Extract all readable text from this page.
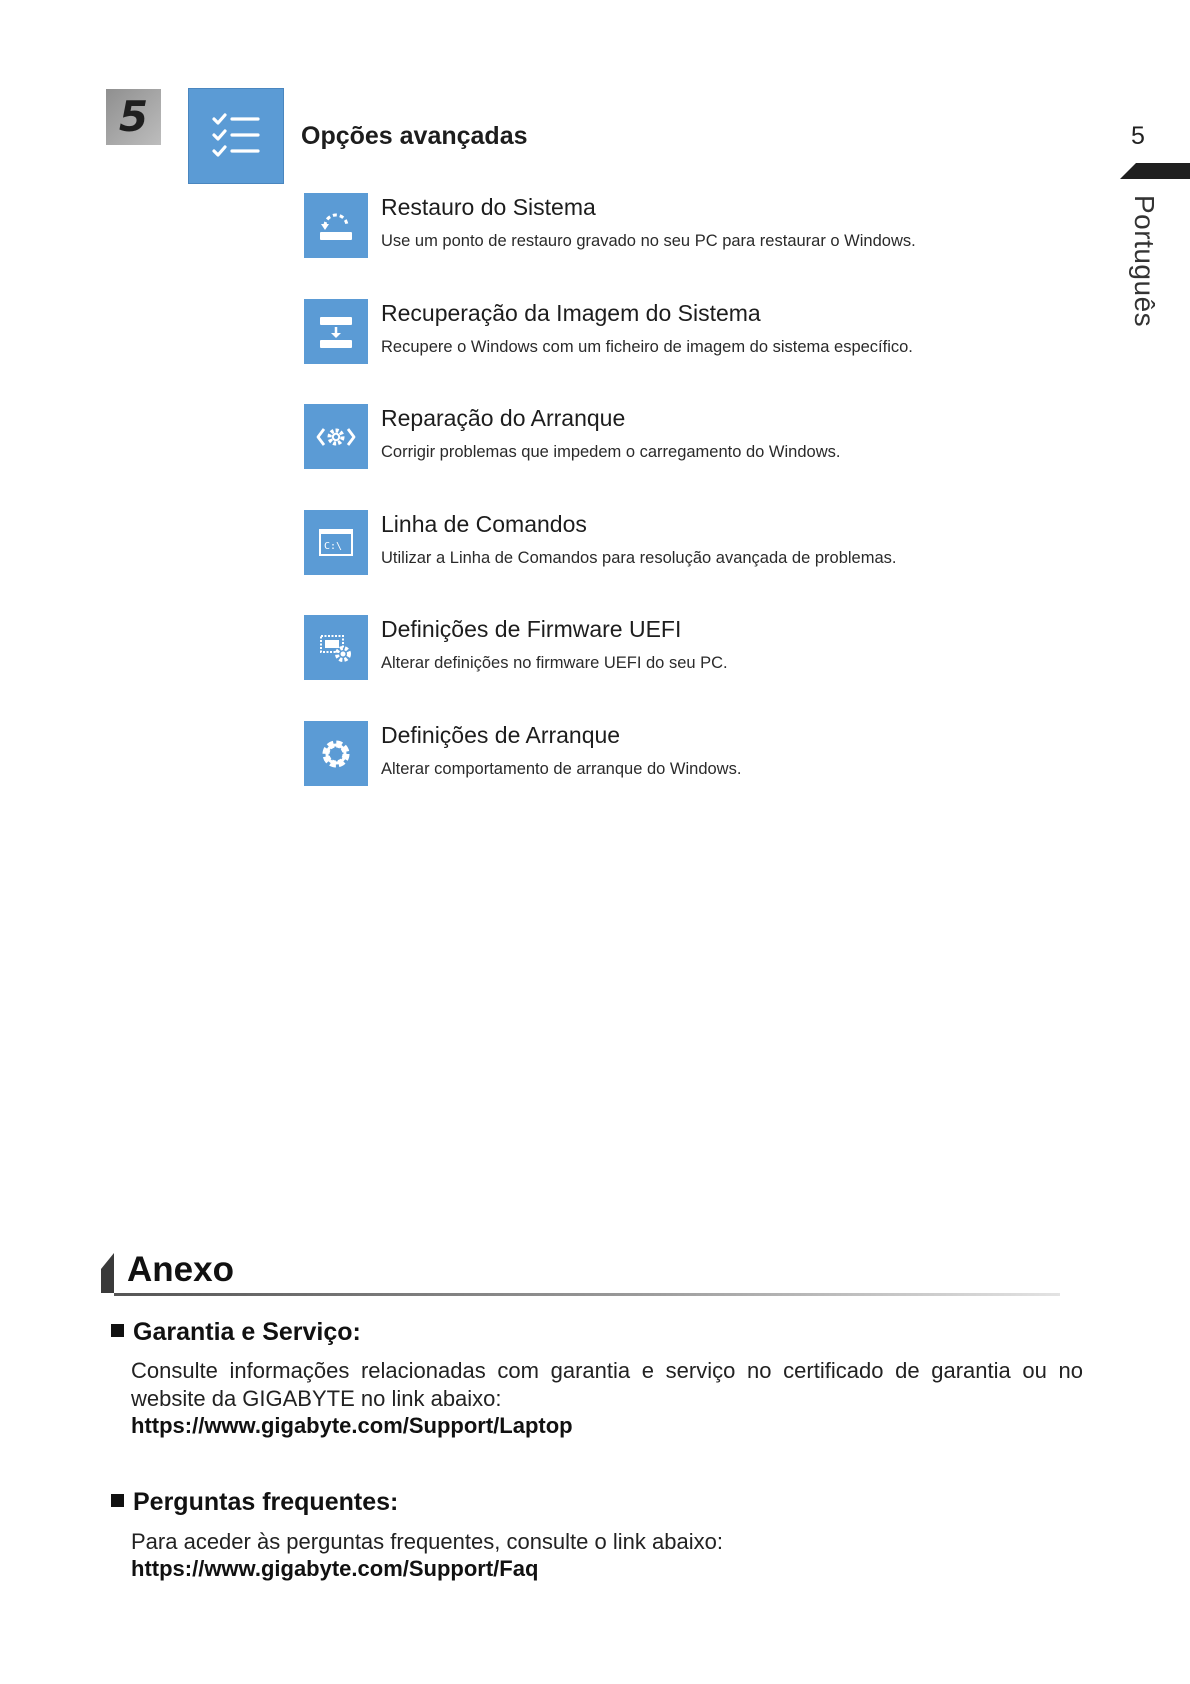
5	Opções avançadas	5
Português
Restauro do Sistema
Use um ponto de restauro gravado no seu PC para restaurar o Windows.
Recuperação da Imagem do Sistema
Recupere o Windows com um ficheiro de imagem do sistema específico.
Reparação do Arranque
Corrigir problemas que impedem o carregamento do Windows.
C:\
Linha de Comandos
Utilizar a Linha de Comandos para resolução avançada de problemas.
Definições de Firmware UEFI
Alterar definições no firmware UEFI do seu PC.
Definições de Arranque
Alterar comportamento de arranque do Windows.
Anexo
Garantia e Serviço:
Consulte informações relacionadas com garantia e serviço no certificado de garantia ou no website da GIGABYTE no link abaixo:
https://www.gigabyte.com/Support/Laptop
Perguntas frequentes:
Para aceder às perguntas frequentes, consulte o link abaixo:
https://www.gigabyte.com/Support/Faq
